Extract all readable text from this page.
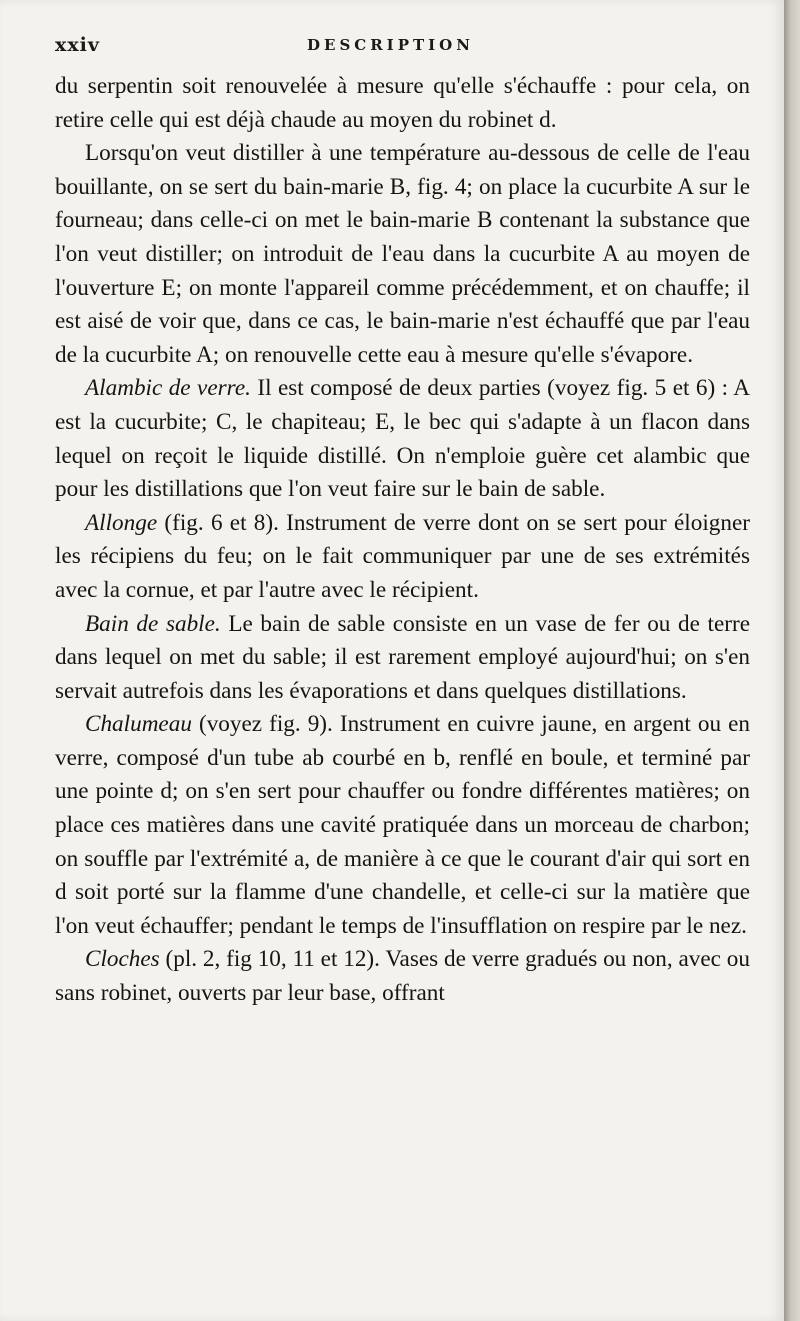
xxiv	DESCRIPTION

du serpentin soit renouvelée à mesure qu'elle s'échauffe : pour cela, on retire celle qui est déjà chaude au moyen du robinet d.

Lorsqu'on veut distiller à une température au-dessous de celle de l'eau bouillante, on se sert du bain-marie B, fig. 4; on place la cucurbite A sur le fourneau; dans celle-ci on met le bain-marie B contenant la substance que l'on veut distiller; on introduit de l'eau dans la cucurbite A au moyen de l'ouverture E; on monte l'appareil comme précédemment, et on chauffe; il est aisé de voir que, dans ce cas, le bain-marie n'est échauffé que par l'eau de la cucurbite A; on renouvelle cette eau à mesure qu'elle s'évapore.

Alambic de verre. Il est composé de deux parties (voyez fig. 5 et 6) : A est la cucurbite; C, le chapiteau; E, le bec qui s'adapte à un flacon dans lequel on reçoit le liquide distillé. On n'emploie guère cet alambic que pour les distillations que l'on veut faire sur le bain de sable.

Allonge (fig. 6 et 8). Instrument de verre dont on se sert pour éloigner les récipiens du feu; on le fait communiquer par une de ses extrémités avec la cornue, et par l'autre avec le récipient.

Bain de sable. Le bain de sable consiste en un vase de fer ou de terre dans lequel on met du sable; il est rarement employé aujourd'hui; on s'en servait autrefois dans les évaporations et dans quelques distillations.

Chalumeau (voyez fig. 9). Instrument en cuivre jaune, en argent ou en verre, composé d'un tube ab courbé en b, renflé en boule, et terminé par une pointe d; on s'en sert pour chauffer ou fondre différentes matières; on place ces matières dans une cavité pratiquée dans un morceau de charbon; on souffle par l'extrémité a, de manière à ce que le courant d'air qui sort en d soit porté sur la flamme d'une chandelle, et celle-ci sur la matière que l'on veut échauffer; pendant le temps de l'insufflation on respire par le nez.

Cloches (pl. 2, fig 10, 11 et 12). Vases de verre gradués ou non, avec ou sans robinet, ouverts par leur base, offrant
